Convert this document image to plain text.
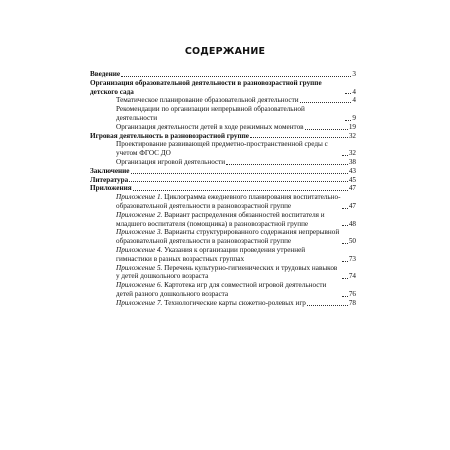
СОДЕРЖАНИЕ
Введение	3
Организация образовательной деятельности в разновозрастной группе детского сада	4
Тематическое планирование образовательной деятельности	4
Рекомендации по организации непрерывной образовательной деятельности	9
Организация деятельности детей в ходе режимных моментов	19
Игровая деятельность в разновозрастной группе	32
Проектирование развивающей предметно-пространственной среды с учетом ФГОС ДО	32
Организация игровой деятельности	38
Заключение	43
Литература	45
Приложения	47
Приложение 1. Циклограмма ежедневного планирования воспитательно-образовательной деятельности в разновозрастной группе	47
Приложение 2. Вариант распределения обязанностей воспитателя и младшего воспитателя (помощника) в разновозрастной группе	48
Приложение 3. Варианты структурированного содержания непрерывной образовательной деятельности в разновозрастной группе	50
Приложение 4. Указания к организации проведения утренней гимнастики в разных возрастных группах	73
Приложение 5. Перечень культурно-гигиенических и трудовых навыков у детей дошкольного возраста	74
Приложение 6. Картотека игр для совместной игровой деятельности детей разного дошкольного возраста	76
Приложение 7. Технологические карты сюжетно-ролевых игр	78
